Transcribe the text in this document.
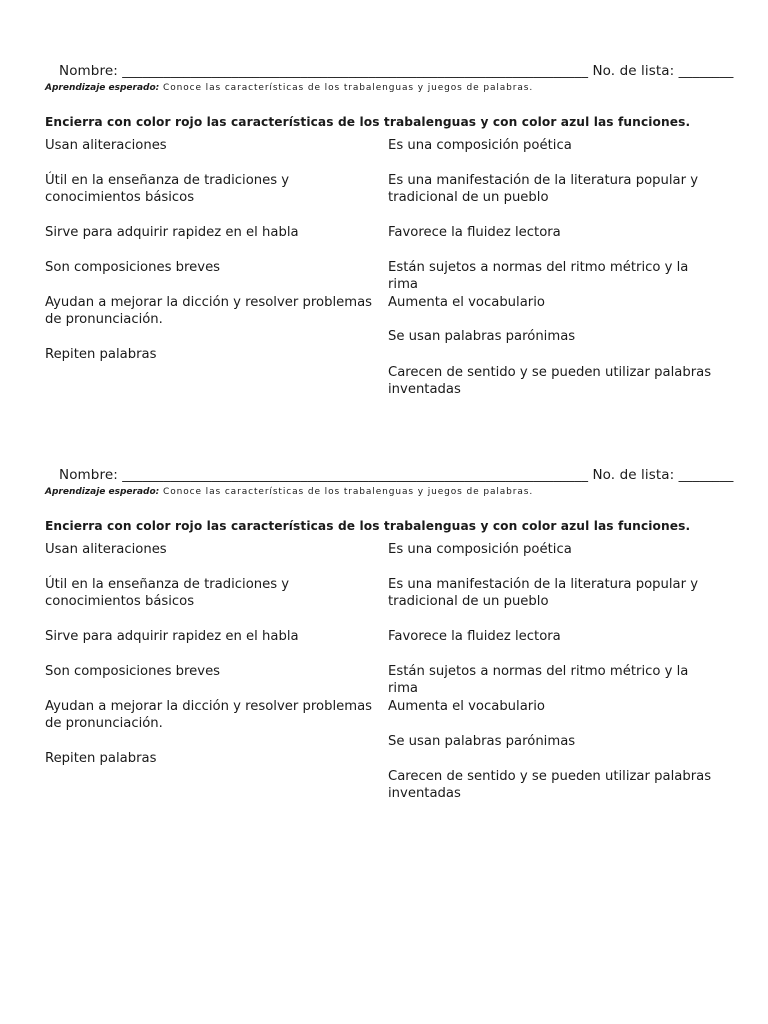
Nombre: ____________________________________________________________________ No. de lista: ________
Aprendizaje esperado: Conoce las características de los trabalenguas y juegos de palabras.
Encierra con color rojo las características de los trabalenguas y con color azul las funciones.
Usan aliteraciones
Útil en la enseñanza de tradiciones y conocimientos básicos
Sirve para adquirir rapidez en el habla
Son composiciones breves
Ayudan a mejorar la dicción y resolver problemas de pronunciación.
Repiten palabras
Es una composición poética
Es una manifestación de la literatura popular y tradicional de un pueblo
Favorece la fluidez lectora
Están sujetos a normas del ritmo métrico y la rima
Aumenta el vocabulario
Se usan palabras parónimas
Carecen de sentido y se pueden utilizar palabras inventadas
Nombre: ____________________________________________________________________ No. de lista: ________
Aprendizaje esperado: Conoce las características de los trabalenguas y juegos de palabras.
Encierra con color rojo las características de los trabalenguas y con color azul las funciones.
Usan aliteraciones
Útil en la enseñanza de tradiciones y conocimientos básicos
Sirve para adquirir rapidez en el habla
Son composiciones breves
Ayudan a mejorar la dicción y resolver problemas de pronunciación.
Repiten palabras
Es una composición poética
Es una manifestación de la literatura popular y tradicional de un pueblo
Favorece la fluidez lectora
Están sujetos a normas del ritmo métrico y la rima
Aumenta el vocabulario
Se usan palabras parónimas
Carecen de sentido y se pueden utilizar palabras inventadas
